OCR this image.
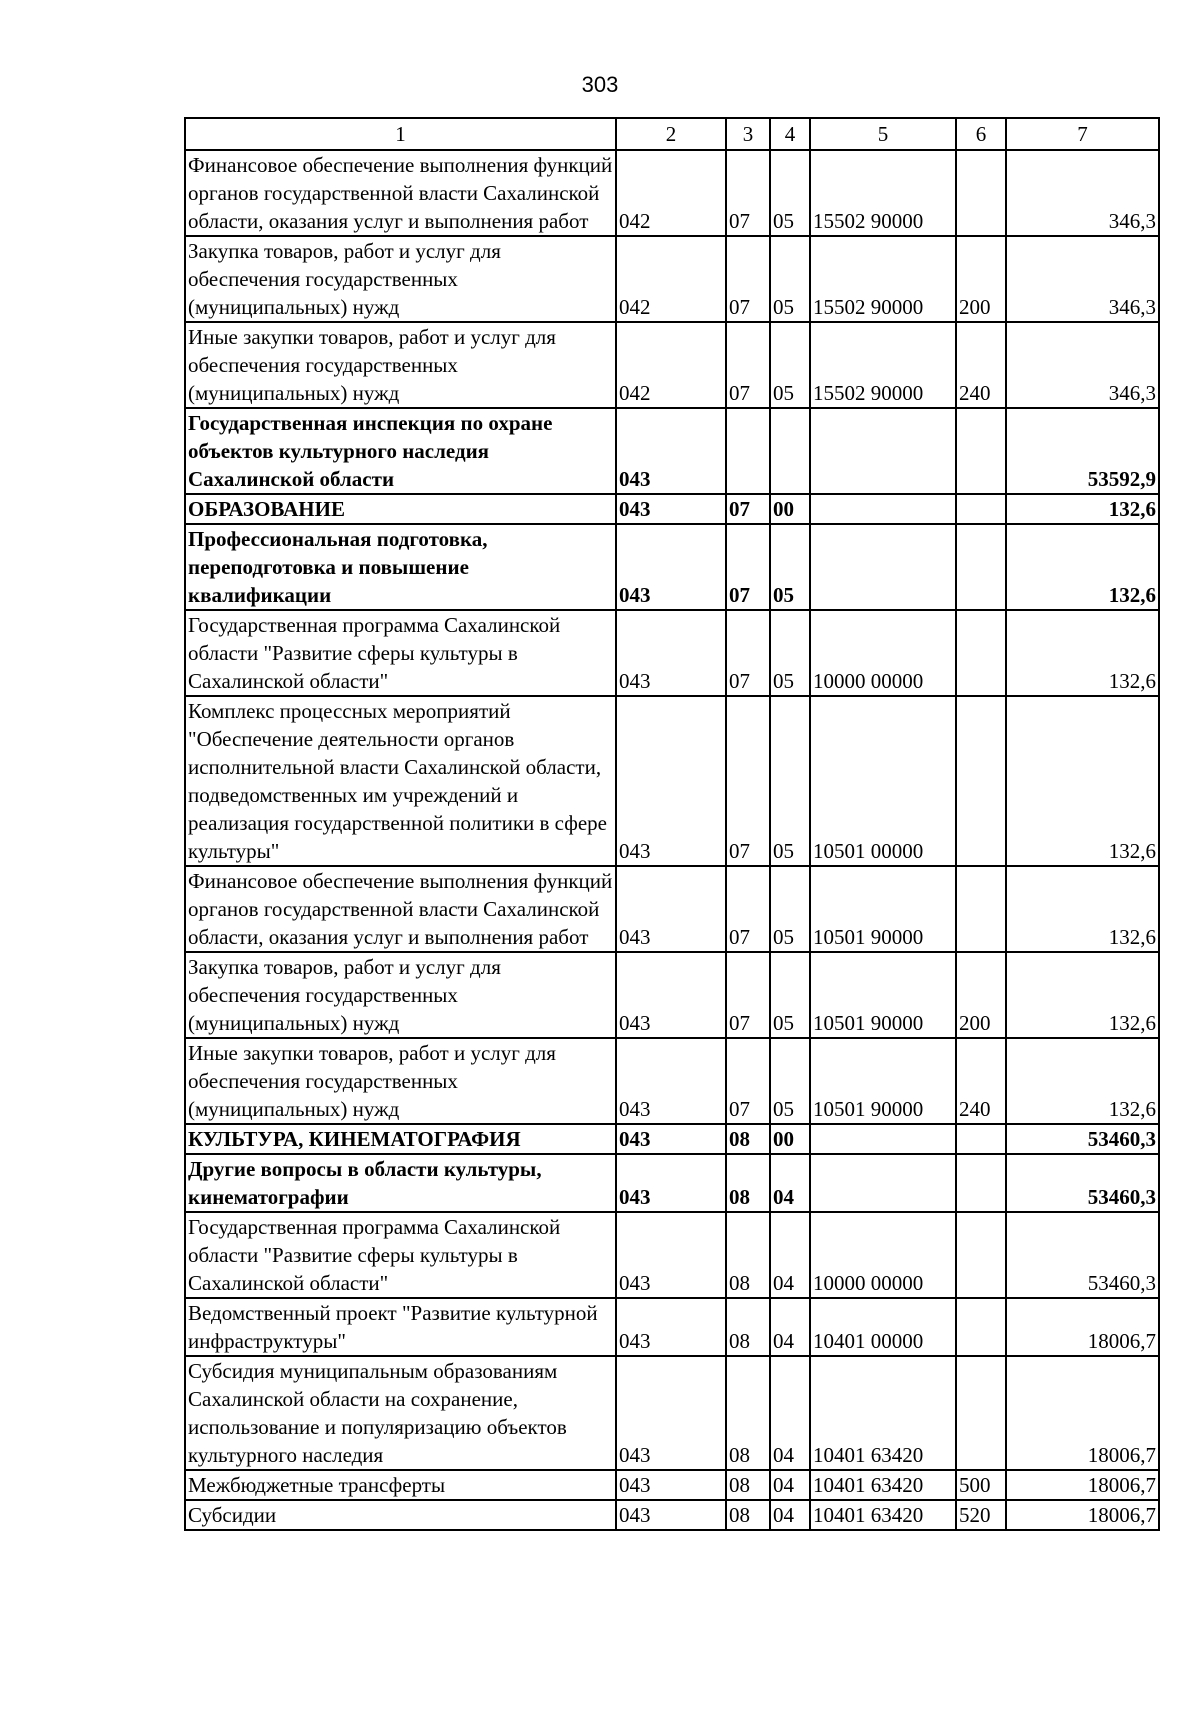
303
1	2	3	4	5	6	7
Финансовое обеспечение выполнения функций органов государственной власти Сахалинской области, оказания услуг и выполнения работ	042	07	05	15502 90000		346,3
Закупка товаров, работ и услуг для обеспечения государственных (муниципальных) нужд	042	07	05	15502 90000	200	346,3
Иные закупки товаров, работ и услуг для обеспечения государственных (муниципальных) нужд	042	07	05	15502 90000	240	346,3
Государственная инспекция по охране объектов культурного наследия Сахалинской области	043					53592,9
ОБРАЗОВАНИЕ	043	07	00			132,6
Профессиональная подготовка, переподготовка и повышение квалификации	043	07	05			132,6
Государственная программа Сахалинской области "Развитие сферы культуры в Сахалинской области"	043	07	05	10000 00000		132,6
Комплекс процессных мероприятий "Обеспечение деятельности органов исполнительной власти Сахалинской области, подведомственных им учреждений и реализация государственной политики в сфере культуры"	043	07	05	10501 00000		132,6
Финансовое обеспечение выполнения функций органов государственной власти Сахалинской области, оказания услуг и выполнения работ	043	07	05	10501 90000		132,6
Закупка товаров, работ и услуг для обеспечения государственных (муниципальных) нужд	043	07	05	10501 90000	200	132,6
Иные закупки товаров, работ и услуг для обеспечения государственных (муниципальных) нужд	043	07	05	10501 90000	240	132,6
КУЛЬТУРА, КИНЕМАТОГРАФИЯ	043	08	00			53460,3
Другие вопросы в области культуры, кинематографии	043	08	04			53460,3
Государственная программа Сахалинской области "Развитие сферы культуры в Сахалинской области"	043	08	04	10000 00000		53460,3
Ведомственный проект "Развитие культурной инфраструктуры"	043	08	04	10401 00000		18006,7
Субсидия муниципальным образованиям Сахалинской области на сохранение, использование и популяризацию объектов культурного наследия	043	08	04	10401 63420		18006,7
Межбюджетные трансферты	043	08	04	10401 63420	500	18006,7
Субсидии	043	08	04	10401 63420	520	18006,7
